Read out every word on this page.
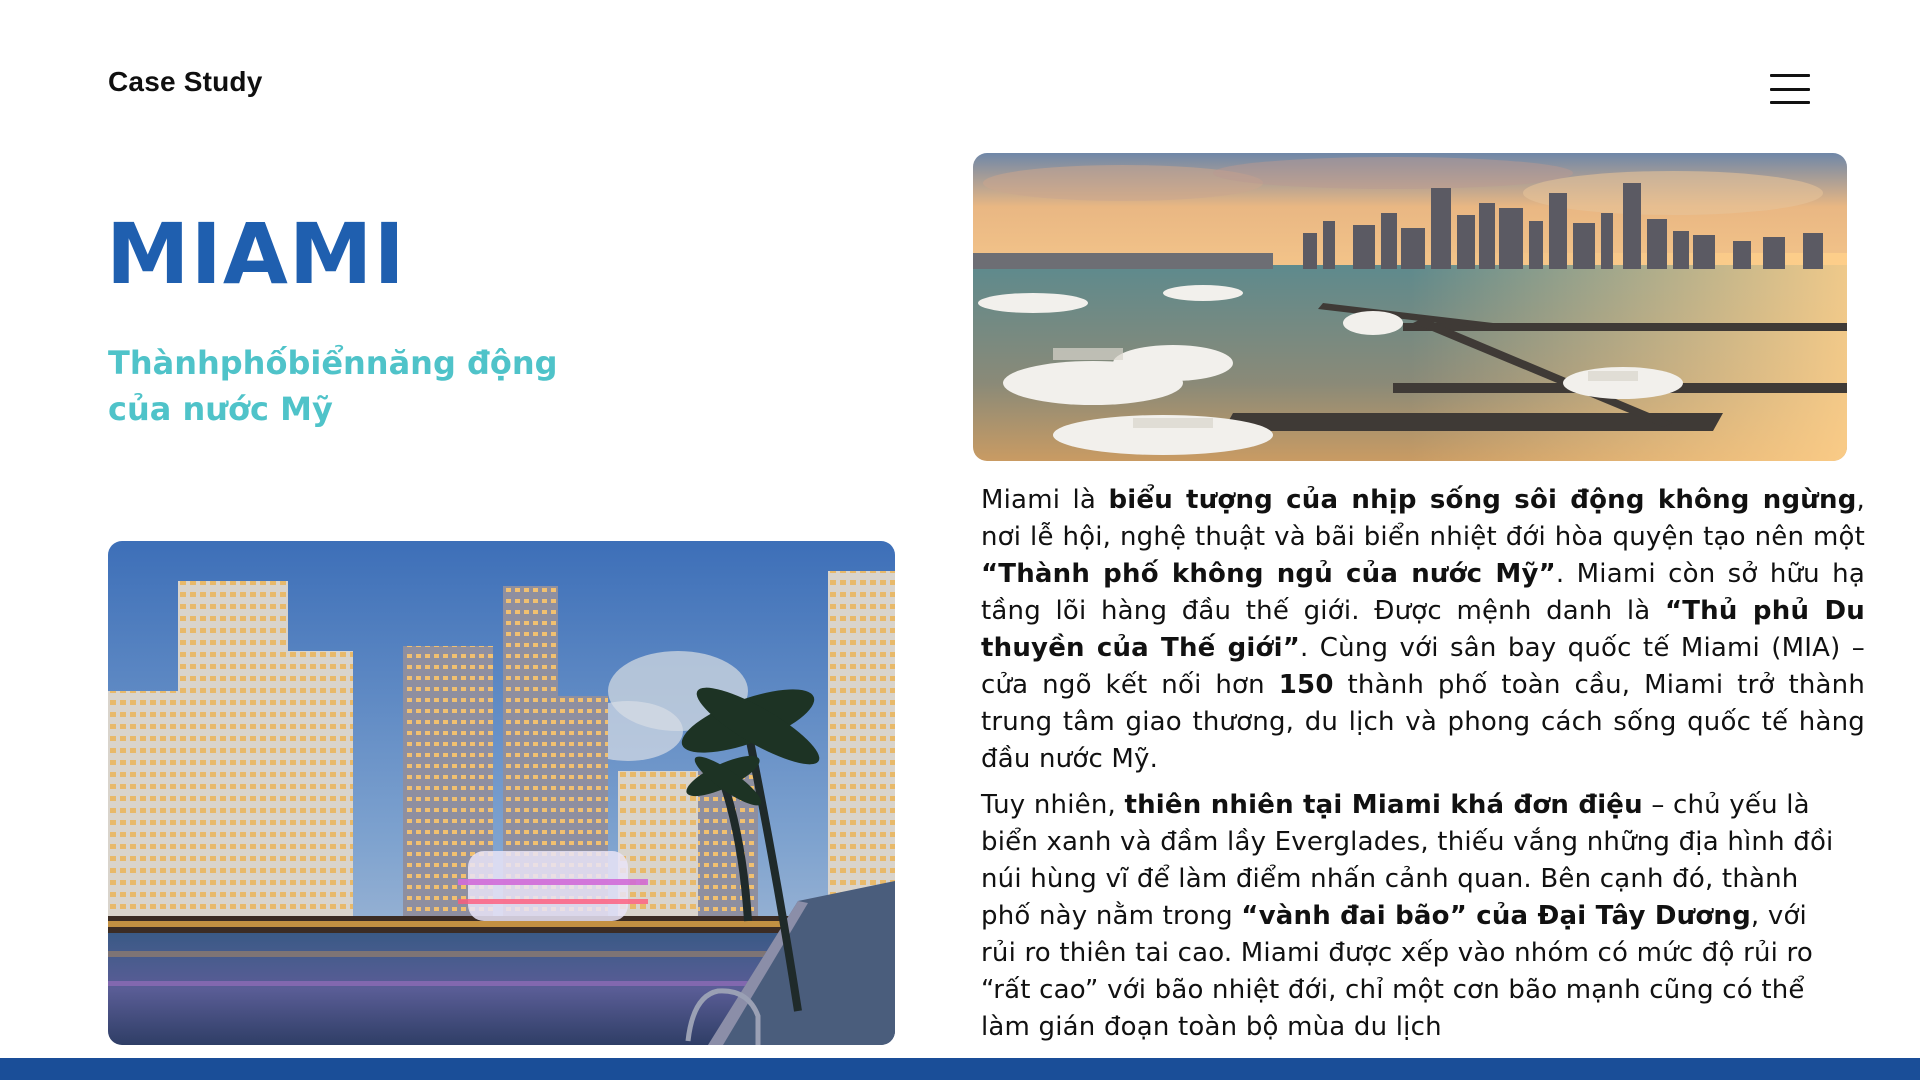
Case Study
MIAMI
Thànhphốbiểnnăng động
của nước Mỹ

Miami là biểu tượng của nhịp sống sôi động không ngừng, nơi lễ hội, nghệ thuật và bãi biển nhiệt đới hòa quyện tạo nên một “Thành phố không ngủ của nước Mỹ”. Miami còn sở hữu hạ tầng lõi hàng đầu thế giới. Được mệnh danh là “Thủ phủ Du thuyền của Thế giới”. Cùng với sân bay quốc tế Miami (MIA) – cửa ngõ kết nối hơn 150 thành phố toàn cầu, Miami trở thành trung tâm giao thương, du lịch và phong cách sống quốc tế hàng đầu nước Mỹ.

Tuy nhiên, thiên nhiên tại Miami khá đơn điệu – chủ yếu là biển xanh và đầm lầy Everglades, thiếu vắng những địa hình đồi núi hùng vĩ để làm điểm nhấn cảnh quan. Bên cạnh đó, thành phố này nằm trong “vành đai bão” của Đại Tây Dương, với rủi ro thiên tai cao. Miami được xếp vào nhóm có mức độ rủi ro “rất cao” với bão nhiệt đới, chỉ một cơn bão mạnh cũng có thể làm gián đoạn toàn bộ mùa du lịch
